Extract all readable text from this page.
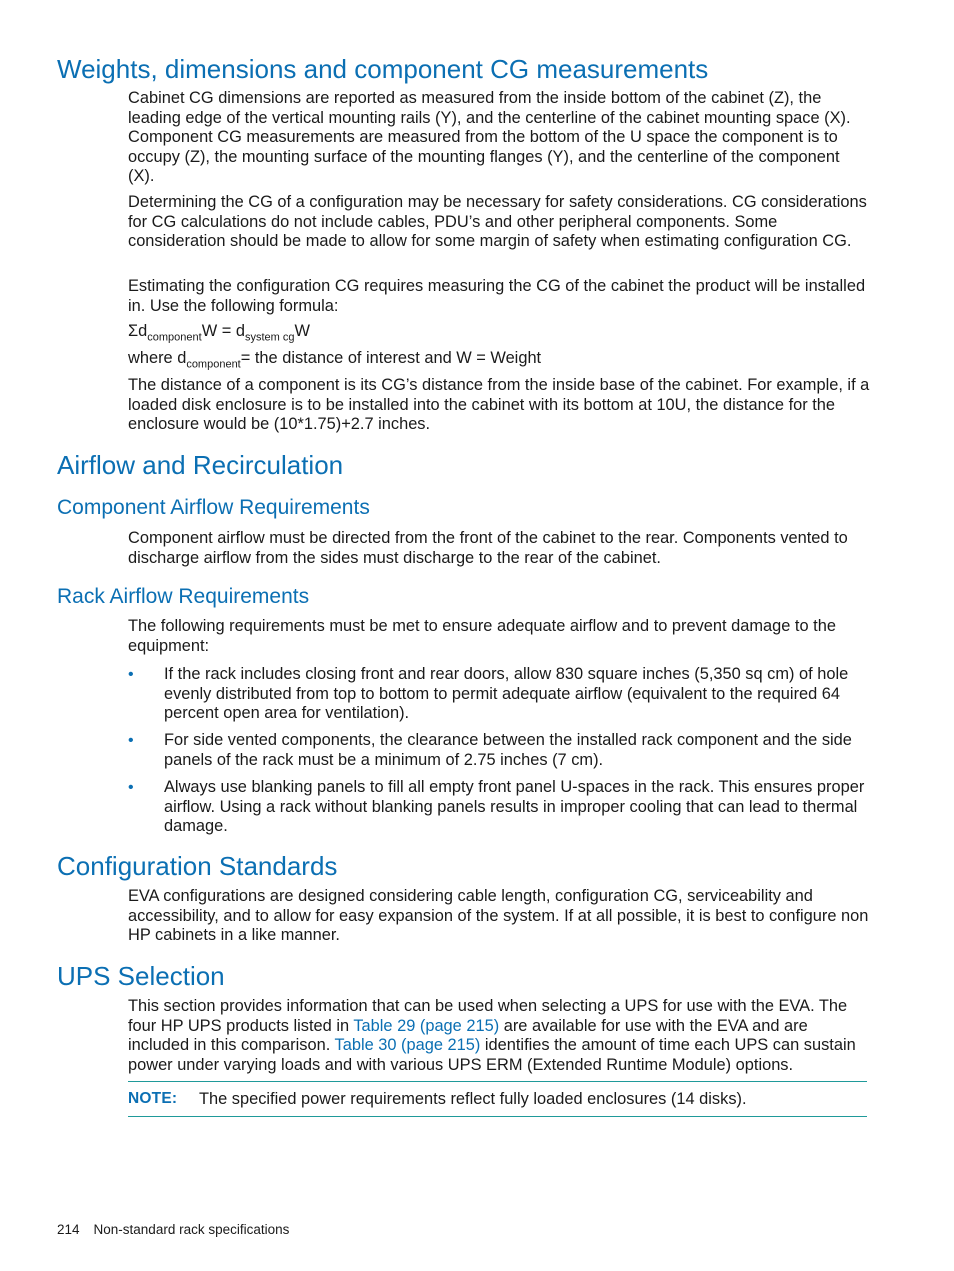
Weights, dimensions and component CG measurements

Cabinet CG dimensions are reported as measured from the inside bottom of the cabinet (Z), the leading edge of the vertical mounting rails (Y), and the centerline of the cabinet mounting space (X). Component CG measurements are measured from the bottom of the U space the component is to occupy (Z), the mounting surface of the mounting flanges (Y), and the centerline of the component (X).

Determining the CG of a configuration may be necessary for safety considerations. CG considerations for CG calculations do not include cables, PDU’s and other peripheral components. Some consideration should be made to allow for some margin of safety when estimating configuration CG.

Estimating the configuration CG requires measuring the CG of the cabinet the product will be installed in. Use the following formula:

$\Sigma d_{component}W = d_{system cg}W$

where $d_{component}=$ the distance of interest and W = Weight

The distance of a component is its CG’s distance from the inside base of the cabinet. For example, if a loaded disk enclosure is to be installed into the cabinet with its bottom at 10U, the distance for the enclosure would be (10*1.75)+2.7 inches.

Airflow and Recirculation
Component Airflow Requirements

Component airflow must be directed from the front of the cabinet to the rear. Components vented to discharge airflow from the sides must discharge to the rear of the cabinet.

Rack Airflow Requirements

The following requirements must be met to ensure adequate airflow and to prevent damage to the equipment:

• If the rack includes closing front and rear doors, allow 830 square inches (5,350 sq cm) of hole evenly distributed from top to bottom to permit adequate airflow (equivalent to the required 64 percent open area for ventilation).
• For side vented components, the clearance between the installed rack component and the side panels of the rack must be a minimum of 2.75 inches (7 cm).
• Always use blanking panels to fill all empty front panel U-spaces in the rack. This ensures proper airflow. Using a rack without blanking panels results in improper cooling that can lead to thermal damage.
Configuration Standards

EVA configurations are designed considering cable length, configuration CG, serviceability and accessibility, and to allow for easy expansion of the system. If at all possible, it is best to configure non HP cabinets in a like manner.

UPS Selection

This section provides information that can be used when selecting a UPS for use with the EVA. The four HP UPS products listed in Table 29 (page 215) are available for use with the EVA and are included in this comparison. Table 30 (page 215) identifies the amount of time each UPS can sustain power under varying loads and with various UPS ERM (Extended Runtime Module) options.

NOTE: The specified power requirements reflect fully loaded enclosures (14 disks).
214 Non-standard rack specifications
